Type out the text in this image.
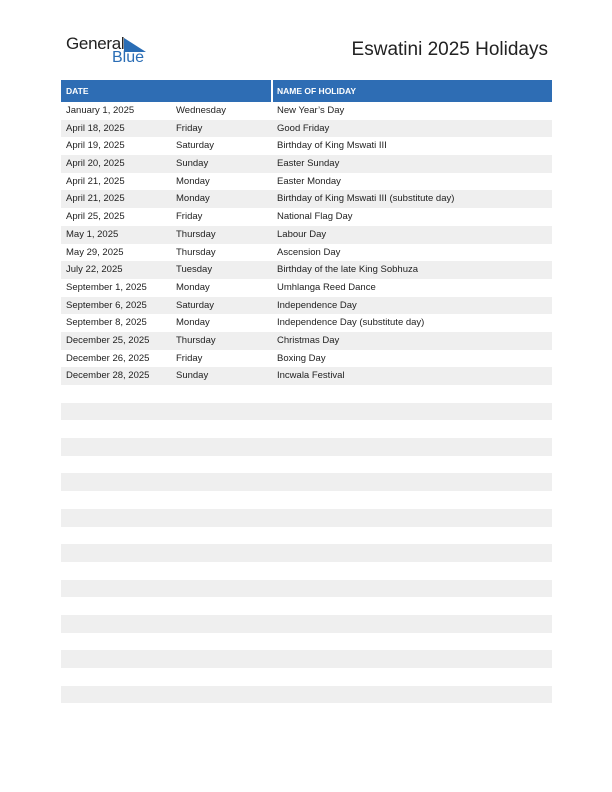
General
Blue	Eswatini 2025 Holidays
DATE	NAME OF HOLIDAY
January 1, 2025	Wednesday	New Year’s Day
April 18, 2025	Friday	Good Friday
April 19, 2025	Saturday	Birthday of King Mswati III
April 20, 2025	Sunday	Easter Sunday
April 21, 2025	Monday	Easter Monday
April 21, 2025	Monday	Birthday of King Mswati III (substitute day)
April 25, 2025	Friday	National Flag Day
May 1, 2025	Thursday	Labour Day
May 29, 2025	Thursday	Ascension Day
July 22, 2025	Tuesday	Birthday of the late King Sobhuza
September 1, 2025	Monday	Umhlanga Reed Dance
September 6, 2025	Saturday	Independence Day
September 8, 2025	Monday	Independence Day (substitute day)
December 25, 2025	Thursday	Christmas Day
December 26, 2025	Friday	Boxing Day
December 28, 2025	Sunday	Incwala Festival
